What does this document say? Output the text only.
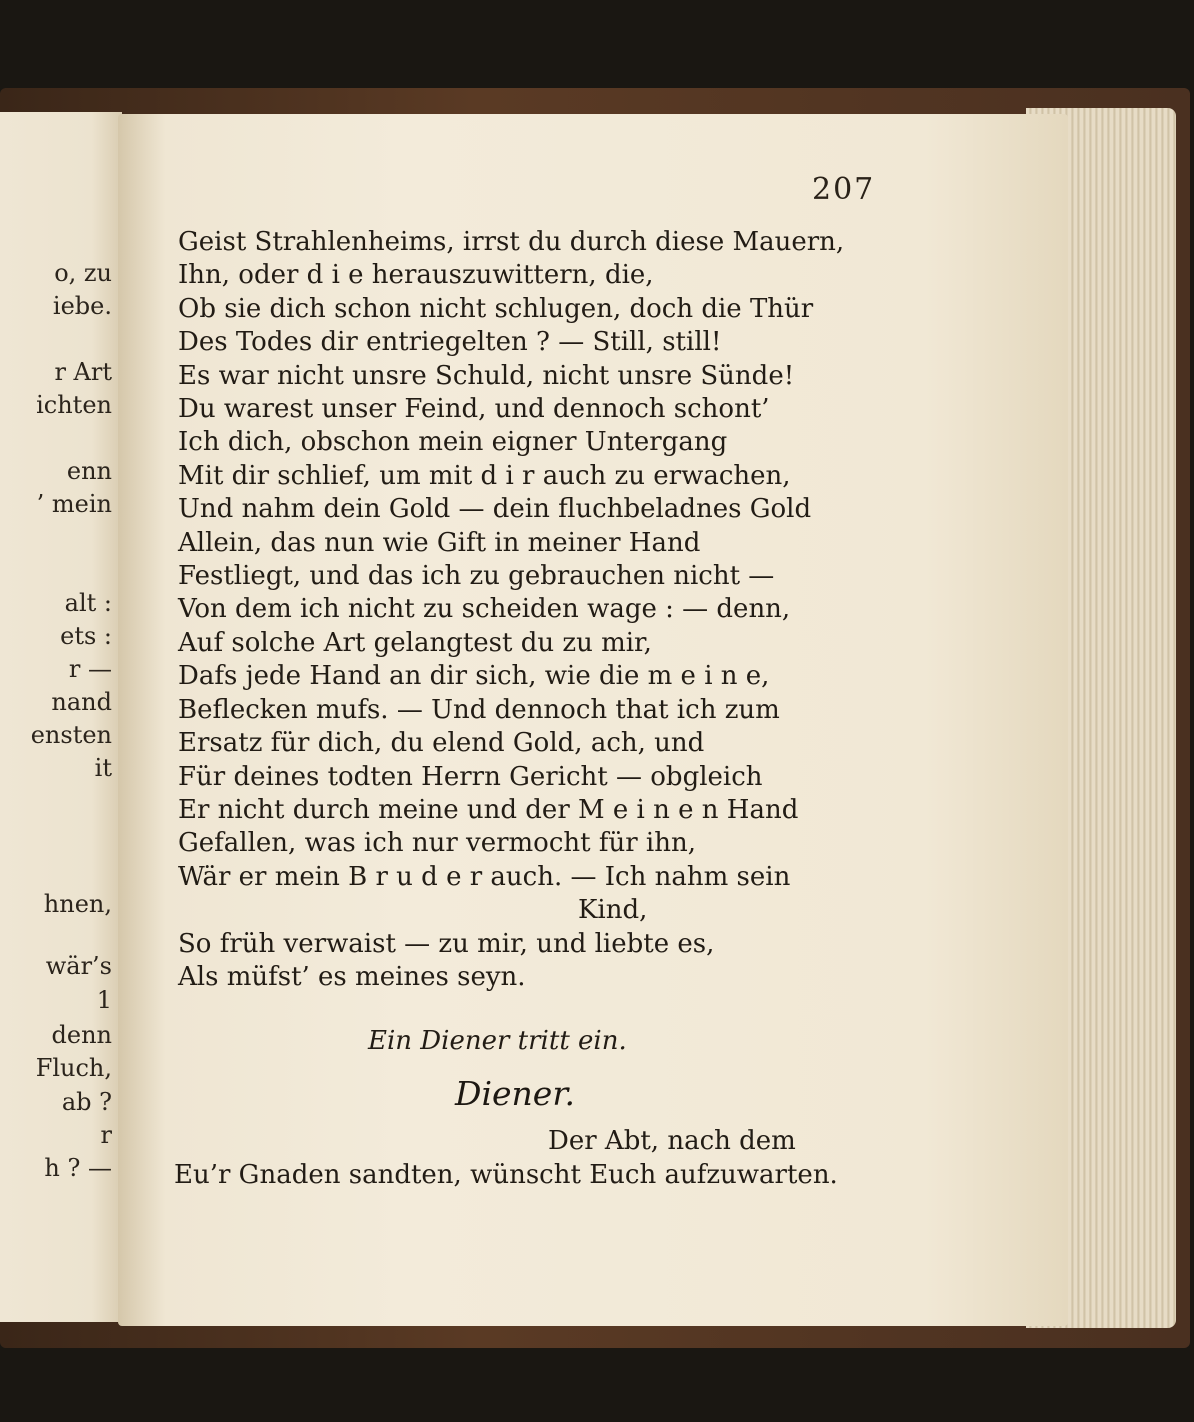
o, zu
iebe.
r Art
ichten
enn
’ mein
alt :
ets :
r —
nand
ensten
it
hnen,
wär’s
1
denn
Fluch,
ab ?
r
h ? —
207
Geist Strahlenheims, irrst du durch diese Mauern,
Ihn, oder d i e herauszuwittern, die,
Ob sie dich schon nicht schlugen, doch die Thür
Des Todes dir entriegelten ? — Still, still!
Es war nicht unsre Schuld, nicht unsre Sünde!
Du warest unser Feind, und dennoch schont’
Ich dich, obschon mein eigner Untergang
Mit dir schlief, um mit d i r auch zu erwachen,
Und nahm dein Gold — dein fluchbeladnes Gold
Allein, das nun wie Gift in meiner Hand
Festliegt, und das ich zu gebrauchen nicht —
Von dem ich nicht zu scheiden wage : — denn,
Auf solche Art gelangtest du zu mir,
Dafs jede Hand an dir sich, wie die m e i n e,
Beflecken mufs. — Und dennoch that ich zum
Ersatz für dich, du elend Gold, ach, und
Für deines todten Herrn Gericht — obgleich
Er nicht durch meine und der M e i n e n Hand
Gefallen, was ich nur vermocht für ihn,
Wär er mein B r u d e r auch. — Ich nahm sein
Kind,
So früh verwaist — zu mir, und liebte es,
Als müfst’ es meines seyn.
Ein Diener tritt ein.
Diener.
Der Abt, nach dem
Eu’r Gnaden sandten, wünscht Euch aufzuwarten.
